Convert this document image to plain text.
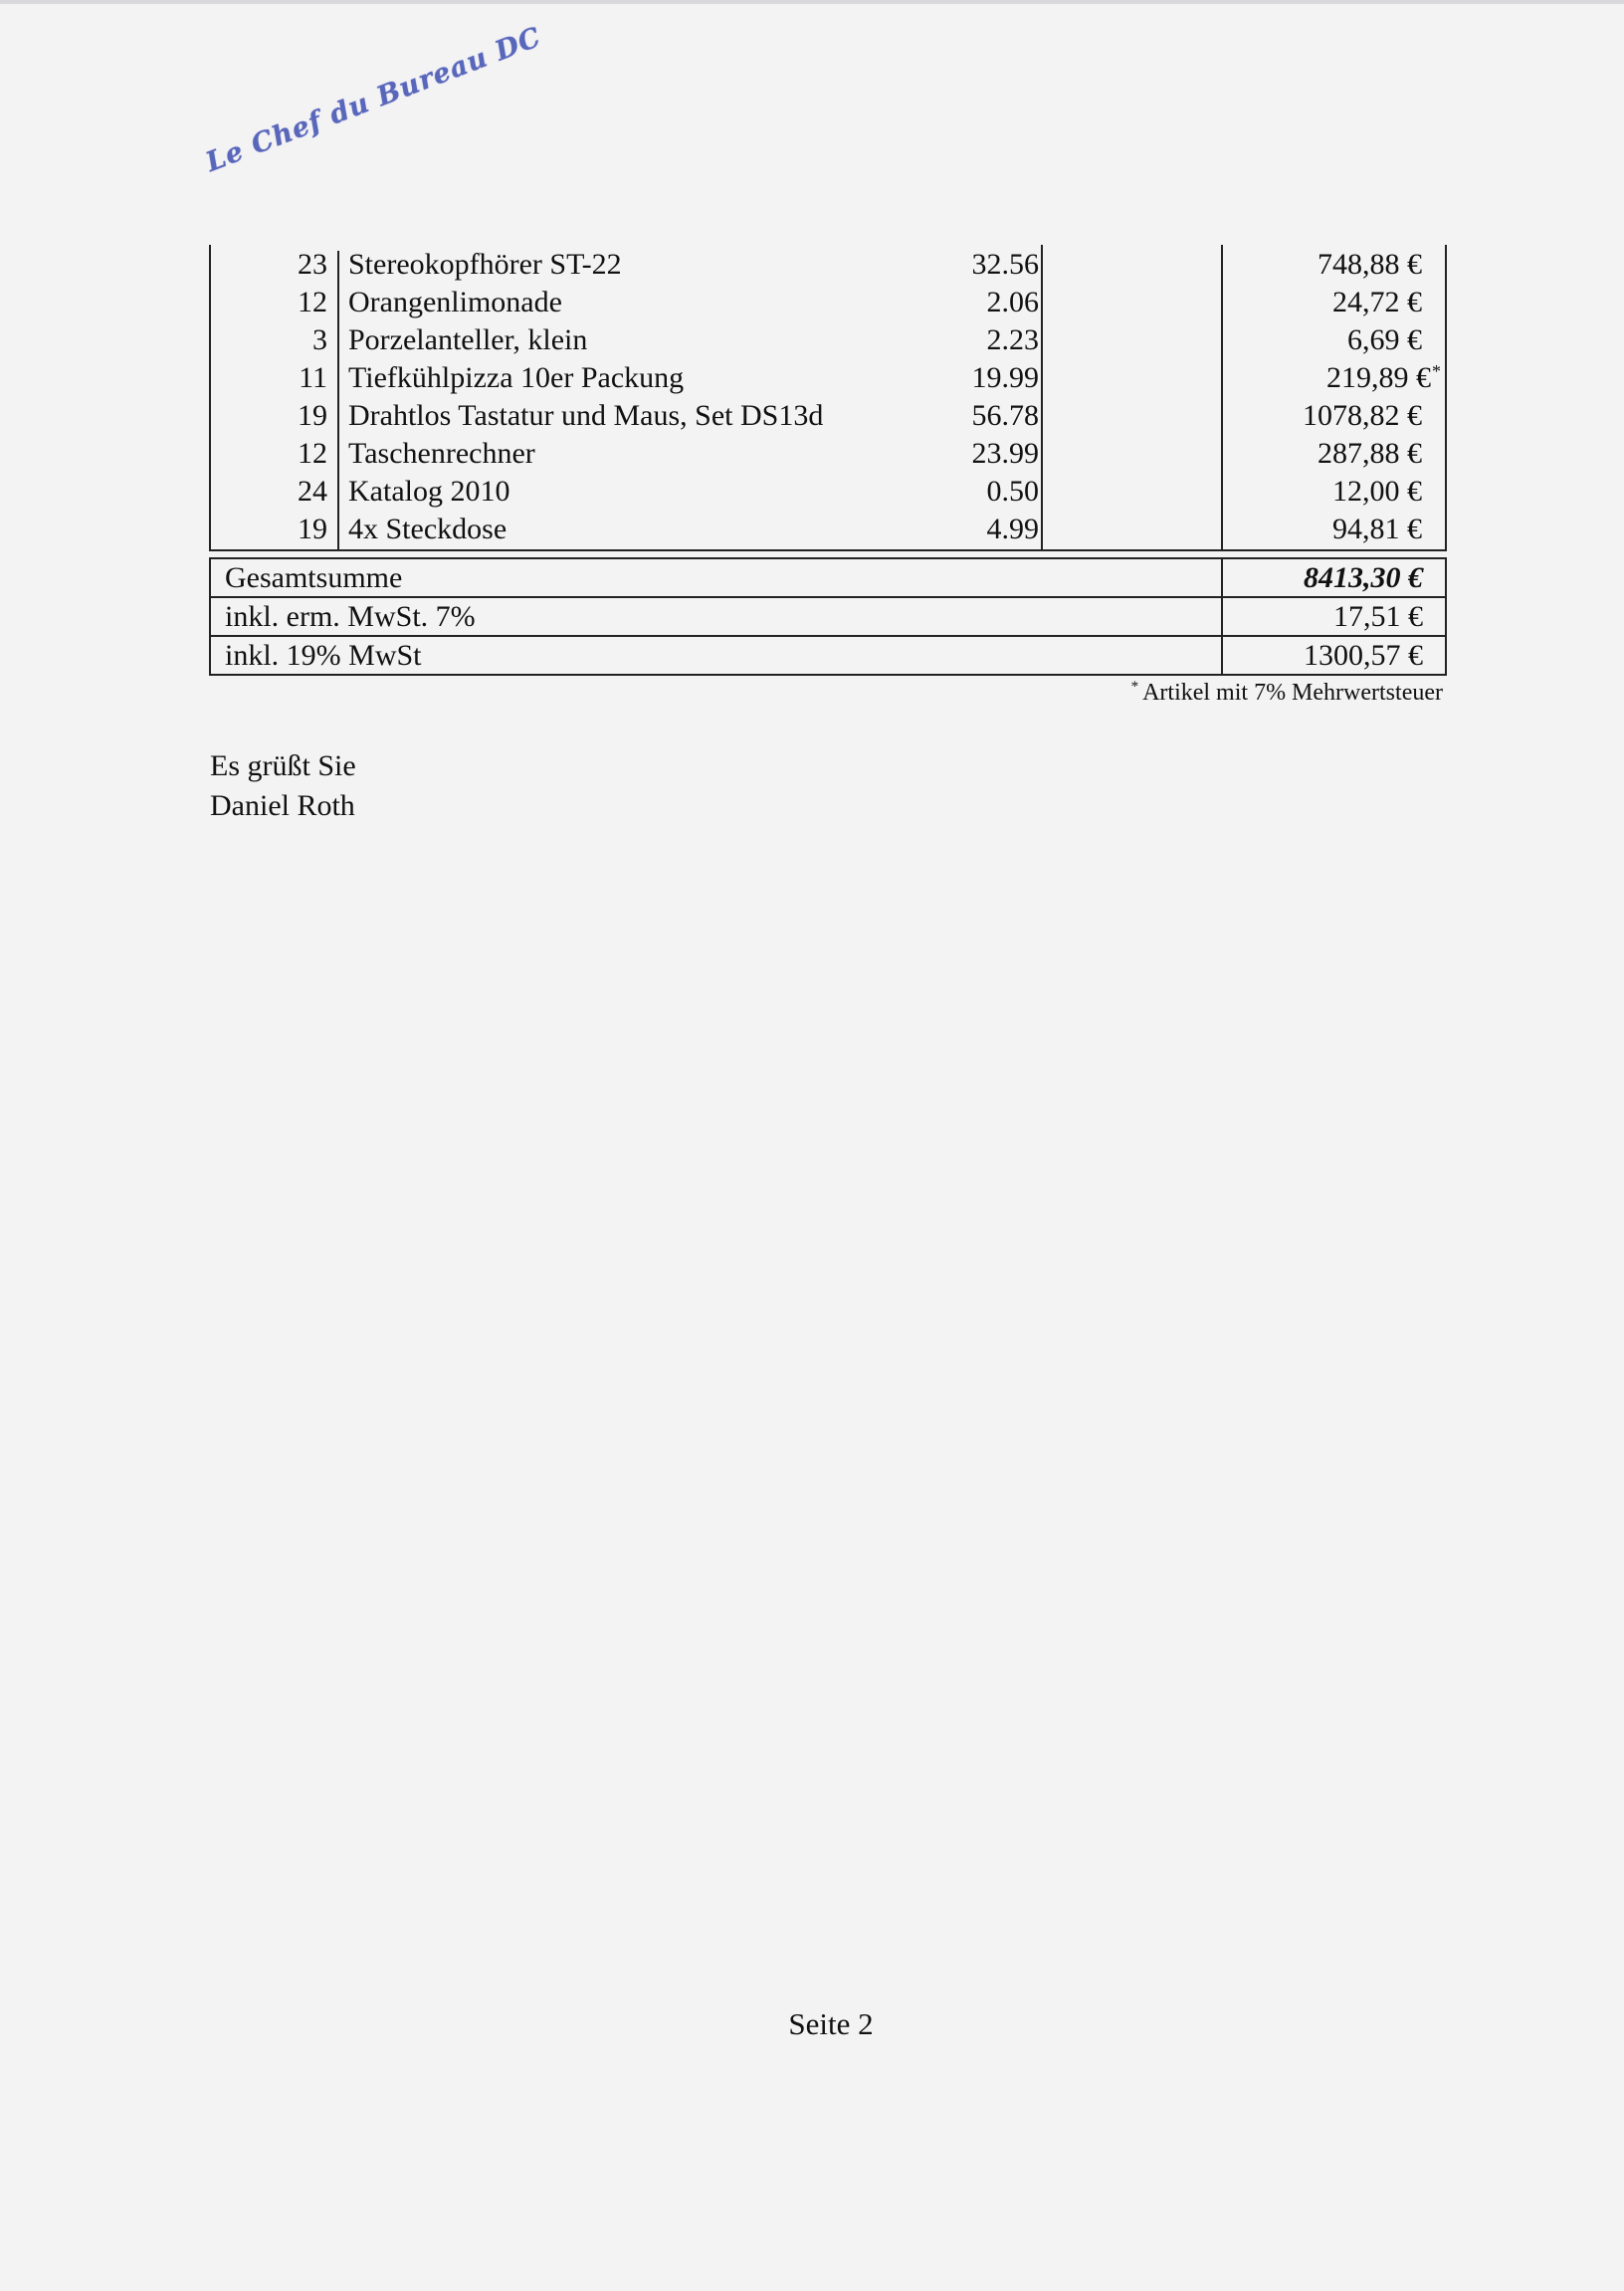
Le Chef du Bureau DC
23 Stereokopfhörer ST-22	32.56	748,88 €
12 Orangenlimonade	2.06	24,72 €
3 Porzelanteller, klein	2.23	6,69 €
11 Tiefkühlpizza 10er Packung	19.99	219,89 €*
19 Drahtlos Tastatur und Maus, Set DS13d	56.78	1078,82 €
12 Taschenrechner	23.99	287,88 €
24 Katalog 2010	0.50	12,00 €
19 4x Steckdose	4.99	94,81 €
Gesamtsumme	8413,30 €
inkl. erm. MwSt. 7%	17,51 €
inkl. 19% MwSt	1300,57 €
* Artikel mit 7% Mehrwertsteuer
Es grüßt Sie
Daniel Roth
Seite 2
